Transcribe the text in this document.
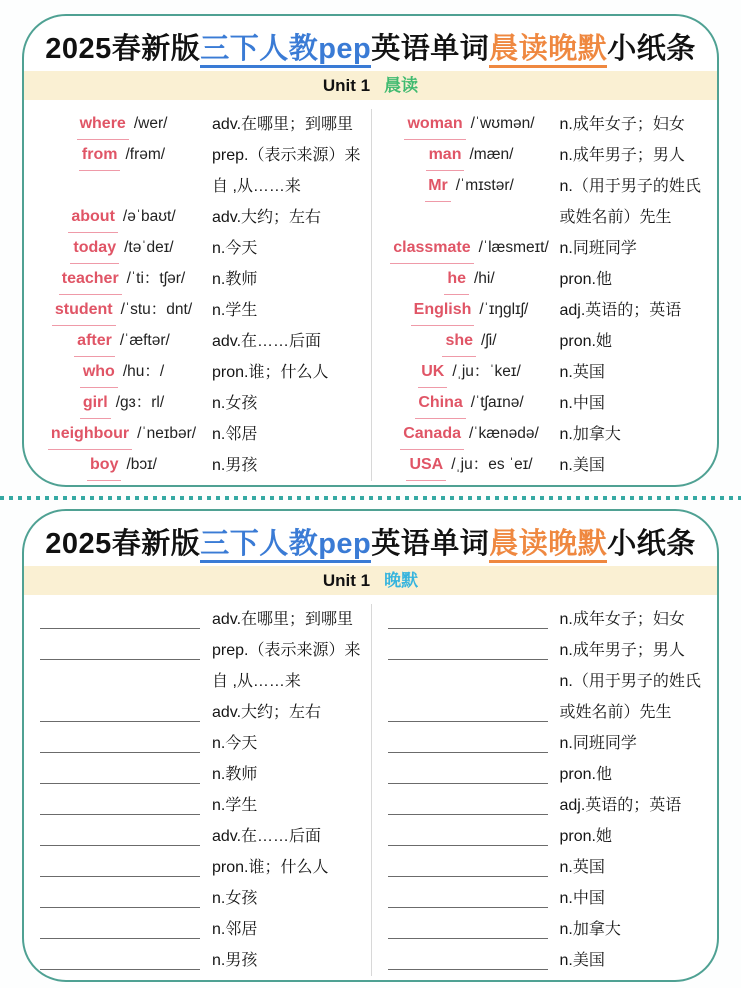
2025春新版三下人教pep英语单词晨读晚默小纸条
Unit 1 晨读
where /wer/	adv.在哪里；到哪里
from /frəm/	prep.（表示来源）来自 ,从……来
about /əˈbaʊt/ adv.大约；左右
today /təˈdeɪ/ n.今天
teacher /ˈti：tʃər/ n.教师
student /ˈstu：dnt/ n.学生
after /ˈæftər/	adv.在……后面
who /hu：/	pron.谁；什么人
girl /gɜ：rl/	n.女孩
neighbour /ˈneɪbər/ n.邻居
boy /bɔɪ/	n.男孩
woman /ˈwʊmən/ n.成年女子；妇女
man /mæn/	n.成年男子；男人
Mr /ˈmɪstər/	n.（用于男子的姓氏或姓名前）先生
classmate /ˈlæsmeɪt/ n.同班同学
he /hi/	pron.他
English /ˈɪŋglɪʃ/ adj.英语的；英语
she /ʃi/	pron.她
UK /ˌju：ˈkeɪ/ n.英国
China /ˈtʃaɪnə/ n.中国
Canada /ˈkænədə/ n.加拿大
USA /ˌju：es ˈeɪ/ n.美国
2025春新版三下人教pep英语单词晨读晚默小纸条
Unit 1 晚默
adv.在哪里；到哪里
prep.（表示来源）来自 ,从……来
adv.大约；左右
n.今天
n.教师
n.学生
adv.在……后面
pron.谁；什么人
n.女孩
n.邻居
n.男孩
n.成年女子；妇女
n.成年男子；男人
n.（用于男子的姓氏或姓名前）先生
n.同班同学
pron.他
adj.英语的；英语
pron.她
n.英国
n.中国
n.加拿大
n.美国
